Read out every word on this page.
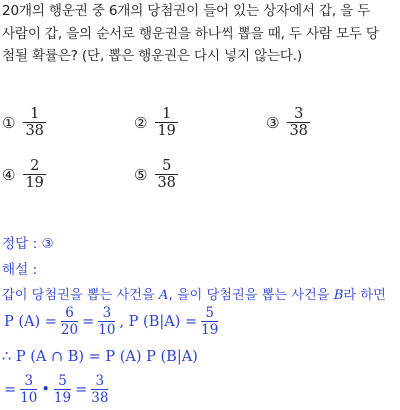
20개의 행운권 중 6개의 당첨권이 들어 있는 상자에서 갑, 을 두
사람이 갑, 을의 순서로 행운권을 하나씩 뽑을 때, 두 사람 모두 당
첨될 확률은? (단, 뽑은 행운권은 다시 넣지 않는다.)
① $\frac{1}{38}$	② $\frac{1}{19}$	③ $\frac{3}{38}$
④ $\frac{2}{19}$	⑤ $\frac{5}{38}$
정답 : ③
해설 :
갑이 당첨권을 뽑는 사건을 A, 을이 당첨권을 뽑는 사건을 B라 하면
P $(A) = \frac{6}{20} = \frac{3}{10}$ , P $(B|A) = \frac{5}{19}$
∴ P (A ∩ B) = P (A) P (B|A)
= $\frac{3}{10}$ • $\frac{5}{19} = \frac{3}{38}$
